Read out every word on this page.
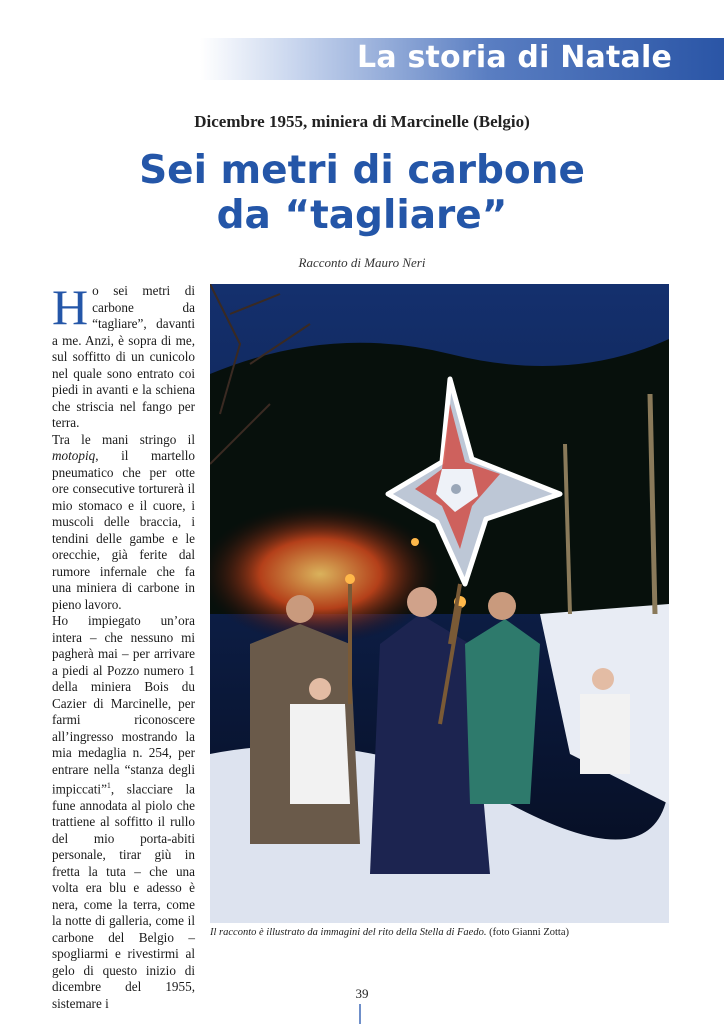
La storia di Natale
Dicembre 1955, miniera di Marcinelle (Belgio)
Sei metri di carbone
da “tagliare”
Racconto di Mauro Neri

Ho sei metri di carbone da “tagliare”, davanti a me. Anzi, è sopra di me, sul soffitto di un cunicolo nel quale sono entrato coi piedi in avanti e la schiena che striscia nel fango per terra.

Tra le mani stringo il motopiq, il martello pneumatico che per otte ore consecutive torturerà il mio stomaco e il cuore, i muscoli delle braccia, i tendini delle gambe e le orecchie, già ferite dal rumore infernale che fa una miniera di carbone in pieno lavoro.

Ho impiegato un’ora intera – che nessuno mi pagherà mai – per arrivare a piedi al Pozzo numero 1 della miniera Bois du Cazier di Marcinelle, per farmi riconoscere all’ingresso mostrando la mia medaglia n. 254, per entrare nella “stanza degli impiccati”$^1$, slacciare la fune annodata al piolo che trattiene al soffitto il rullo del mio porta-abiti personale, tirar giù in fretta la tuta – che una volta era blu e adesso è nera, come la terra, come la notte di galleria, come il carbone del Belgio – spogliarmi e rivestirmi al gelo di questo inizio di dicembre del 1955, sistemare i

Il racconto è illustrato da immagini del rito della Stella di Faedo. (foto Gianni Zotta)
39
